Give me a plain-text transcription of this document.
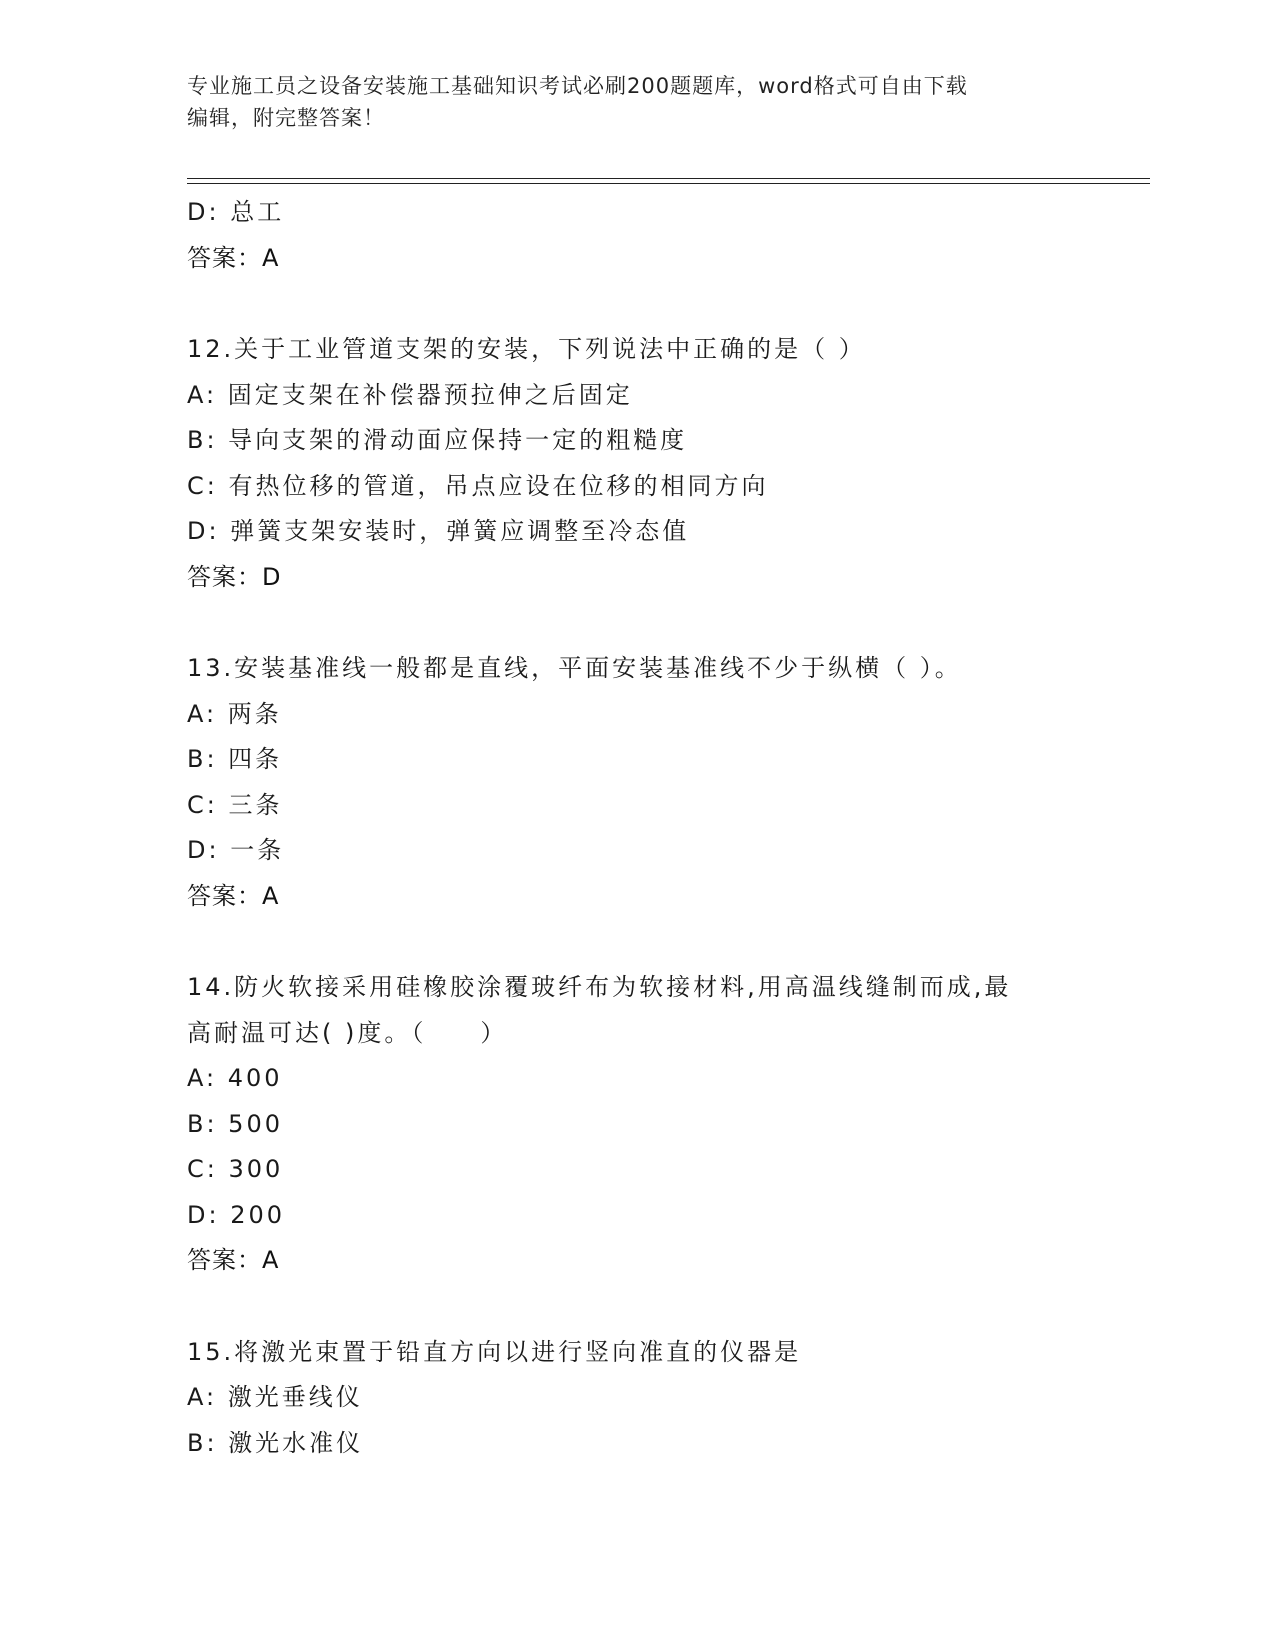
专业施工员之设备安装施工基础知识考试必刷200题题库，word格式可自由下载
编辑，附完整答案！
D: 总工
答案：A
12.关于工业管道支架的安装，下列说法中正确的是（ ）
A: 固定支架在补偿器预拉伸之后固定
B: 导向支架的滑动面应保持一定的粗糙度
C: 有热位移的管道，吊点应设在位移的相同方向
D: 弹簧支架安装时，弹簧应调整至冷态值
答案：D
13.安装基准线一般都是直线，平面安装基准线不少于纵横（ ）。
A: 两条
B: 四条
C: 三条
D: 一条
答案：A
14.防火软接采用硅橡胶涂覆玻纤布为软接材料,用高温线缝制而成,最
高耐温可达( )度。（　　）
A: 400
B: 500
C: 300
D: 200
答案：A
15.将激光束置于铅直方向以进行竖向准直的仪器是
A: 激光垂线仪
B: 激光水准仪
